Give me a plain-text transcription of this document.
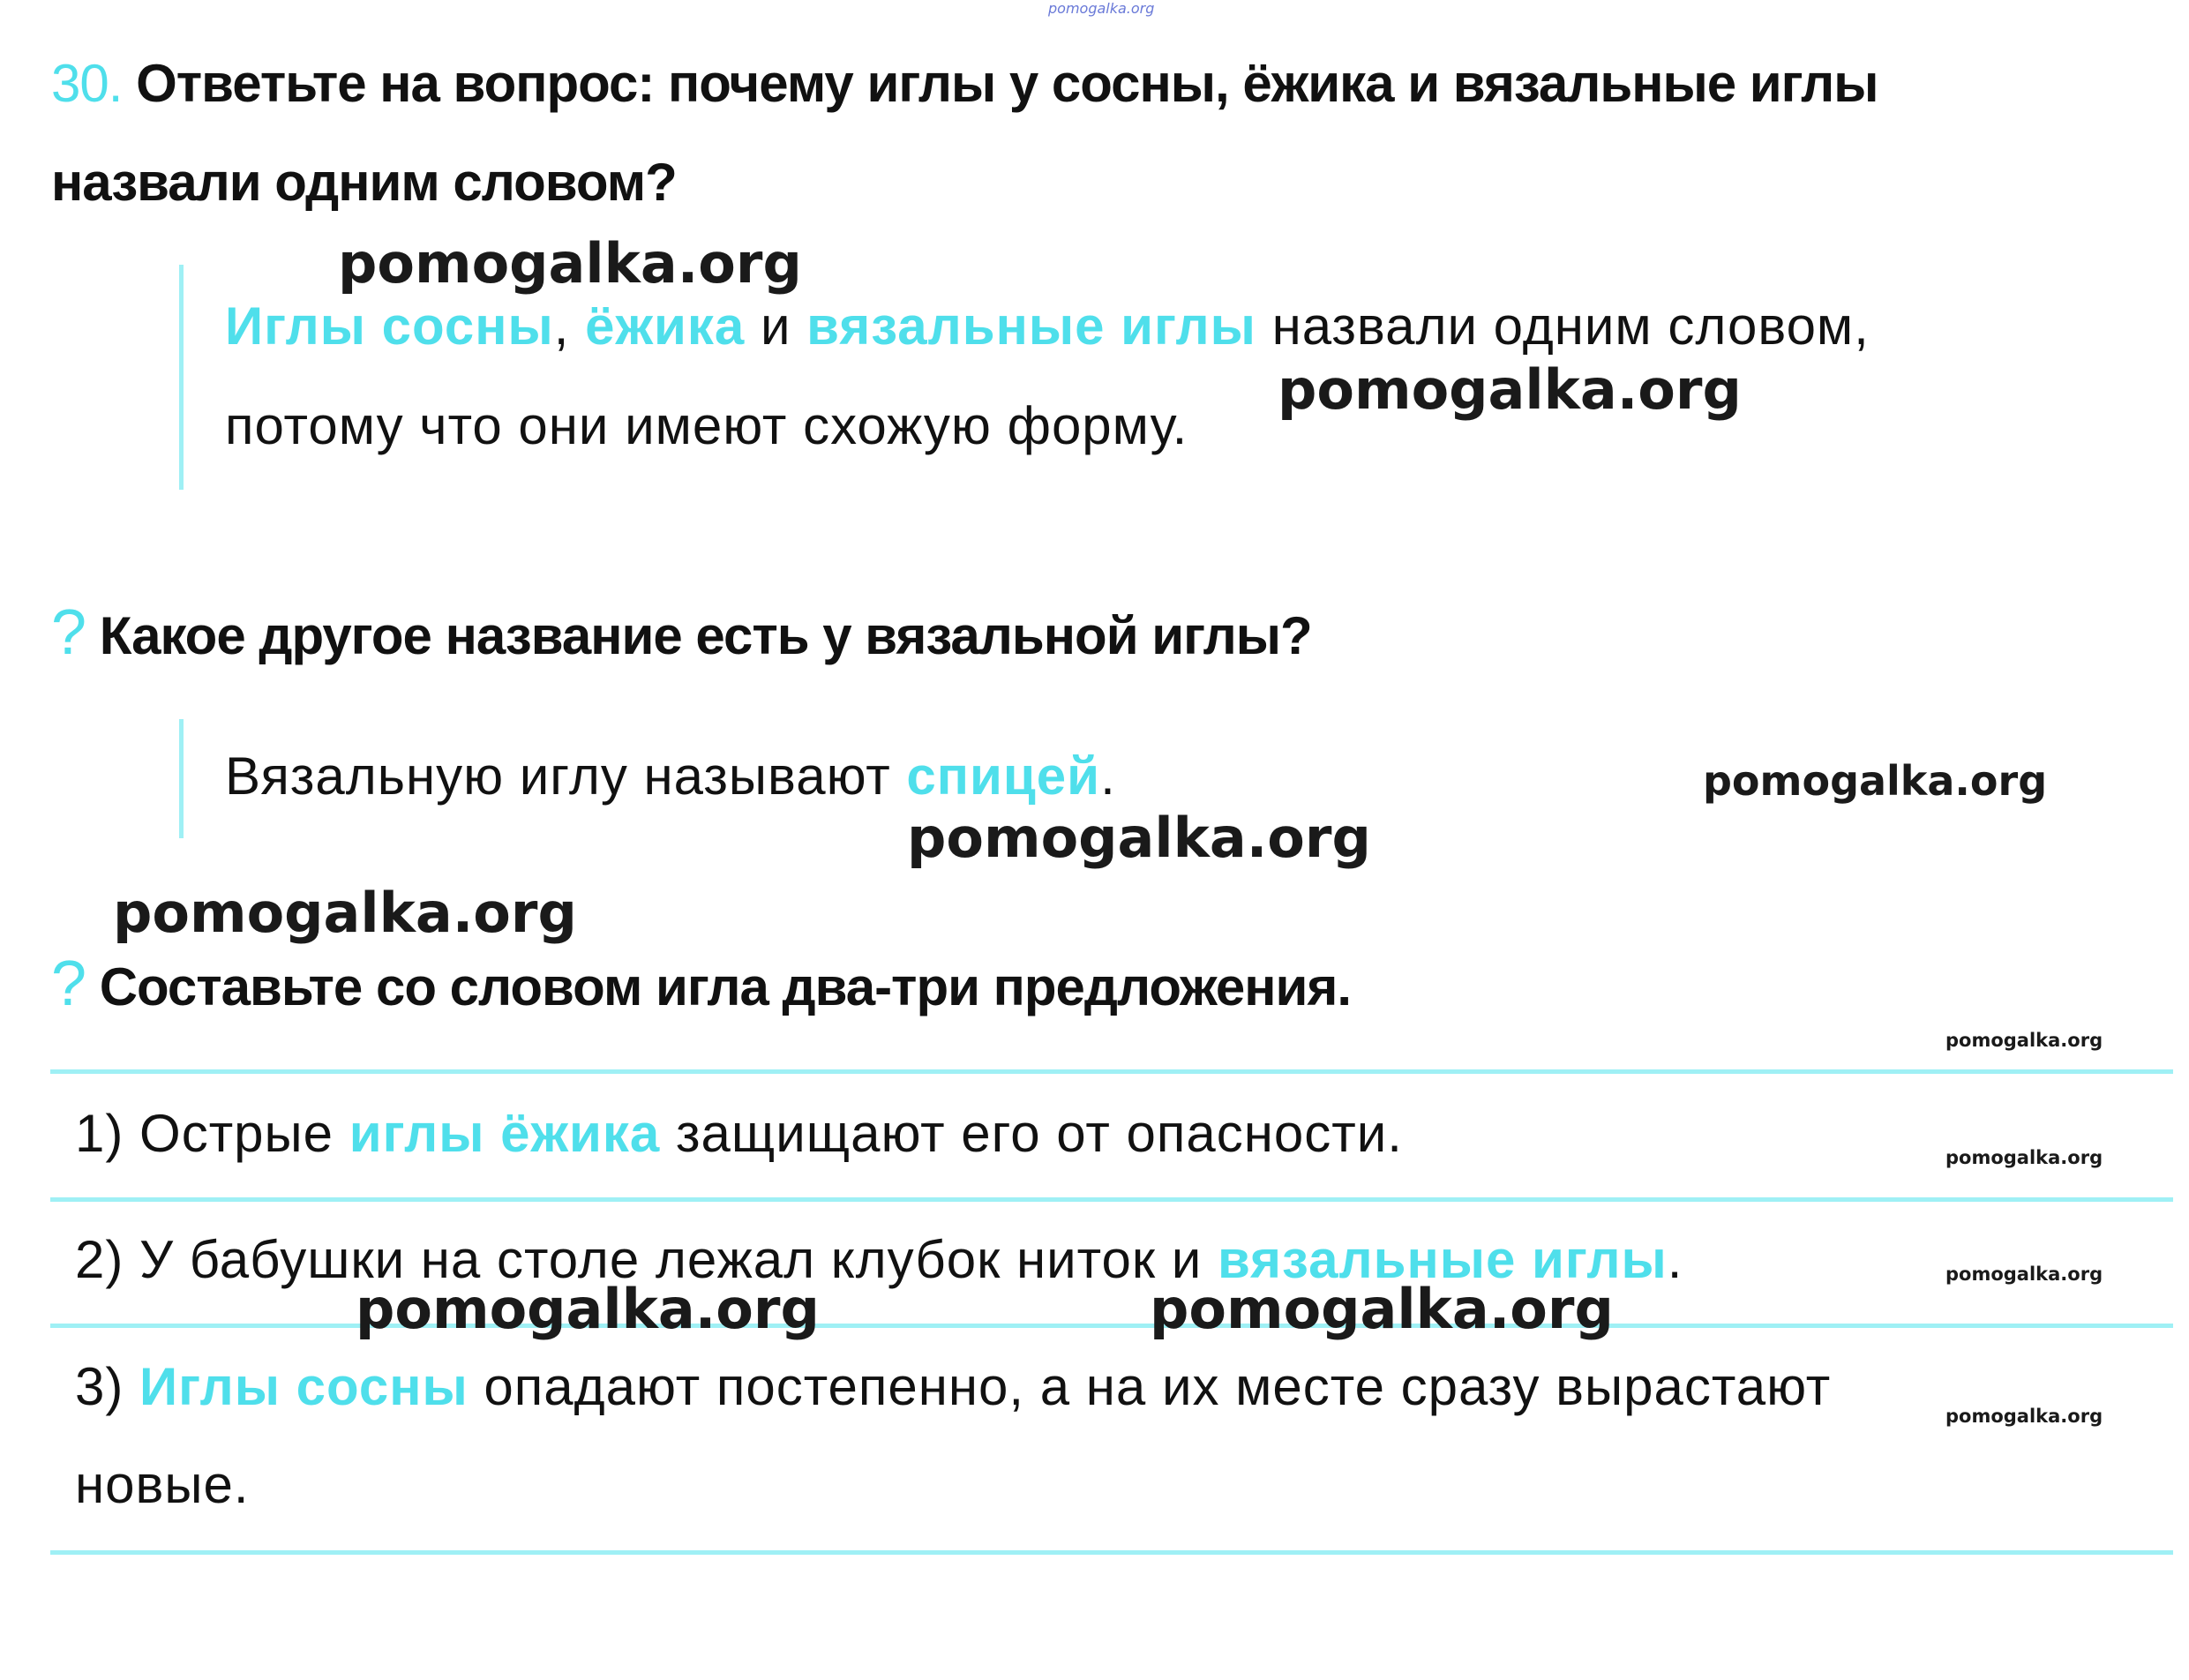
pomogalka.org
30. Ответьте на вопрос: почему иглы у сосны, ёжика и вязальные иглы
назвали одним словом?
Иглы сосны, ёжика и вязальные иглы назвали одним словом,
потому что они имеют схожую форму.
? Какое другое название есть у вязальной иглы?
Вязальную иглу называют спицей.
? Составьте со словом игла два-три предложения.
1) Острые иглы ёжика защищают его от опасности.
2) У бабушки на столе лежал клубок ниток и вязальные иглы.
3) Иглы сосны опадают постепенно, а на их месте сразу вырастают
новые.
pomogalka.org
pomogalka.org
pomogalka.org
pomogalka.org
pomogalka.org
pomogalka.org
pomogalka.org
pomogalka.org
pomogalka.org	pomogalka.org
pomogalka.org
